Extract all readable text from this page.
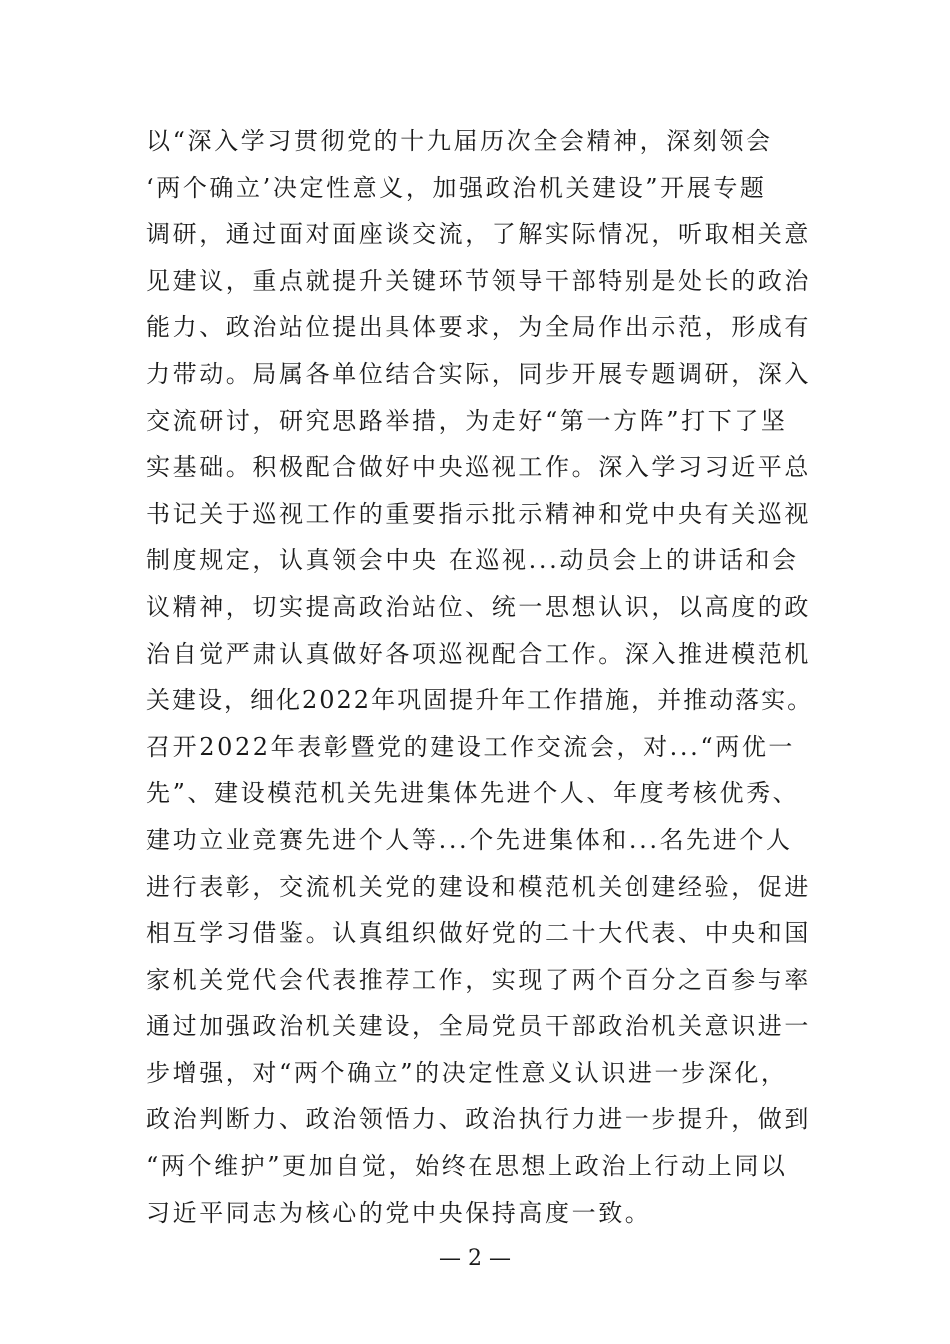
以“深入学习贯彻党的十九届历次全会精神，深刻领会
‘两个确立’决定性意义，加强政治机关建设”开展专题
调研，通过面对面座谈交流，了解实际情况，听取相关意
见建议，重点就提升关键环节领导干部特别是处长的政治
能力、政治站位提出具体要求，为全局作出示范，形成有
力带动。局属各单位结合实际，同步开展专题调研，深入
交流研讨，研究思路举措，为走好“第一方阵”打下了坚
实基础。积极配合做好中央巡视工作。深入学习习近平总
书记关于巡视工作的重要指示批示精神和党中央有关巡视
制度规定，认真领会中央 在巡视...动员会上的讲话和会
议精神，切实提高政治站位、统一思想认识，以高度的政
治自觉严肃认真做好各项巡视配合工作。深入推进模范机
关建设，细化2022年巩固提升年工作措施，并推动落实。
召开2022年表彰暨党的建设工作交流会，对...“两优一
先”、建设模范机关先进集体先进个人、年度考核优秀、
建功立业竞赛先进个人等...个先进集体和...名先进个人
进行表彰，交流机关党的建设和模范机关创建经验，促进
相互学习借鉴。认真组织做好党的二十大代表、中央和国
家机关党代会代表推荐工作，实现了两个百分之百参与率
通过加强政治机关建设，全局党员干部政治机关意识进一
步增强，对“两个确立”的决定性意义认识进一步深化，
政治判断力、政治领悟力、政治执行力进一步提升，做到
“两个维护”更加自觉，始终在思想上政治上行动上同以
习近平同志为核心的党中央保持高度一致。
— 2 —
